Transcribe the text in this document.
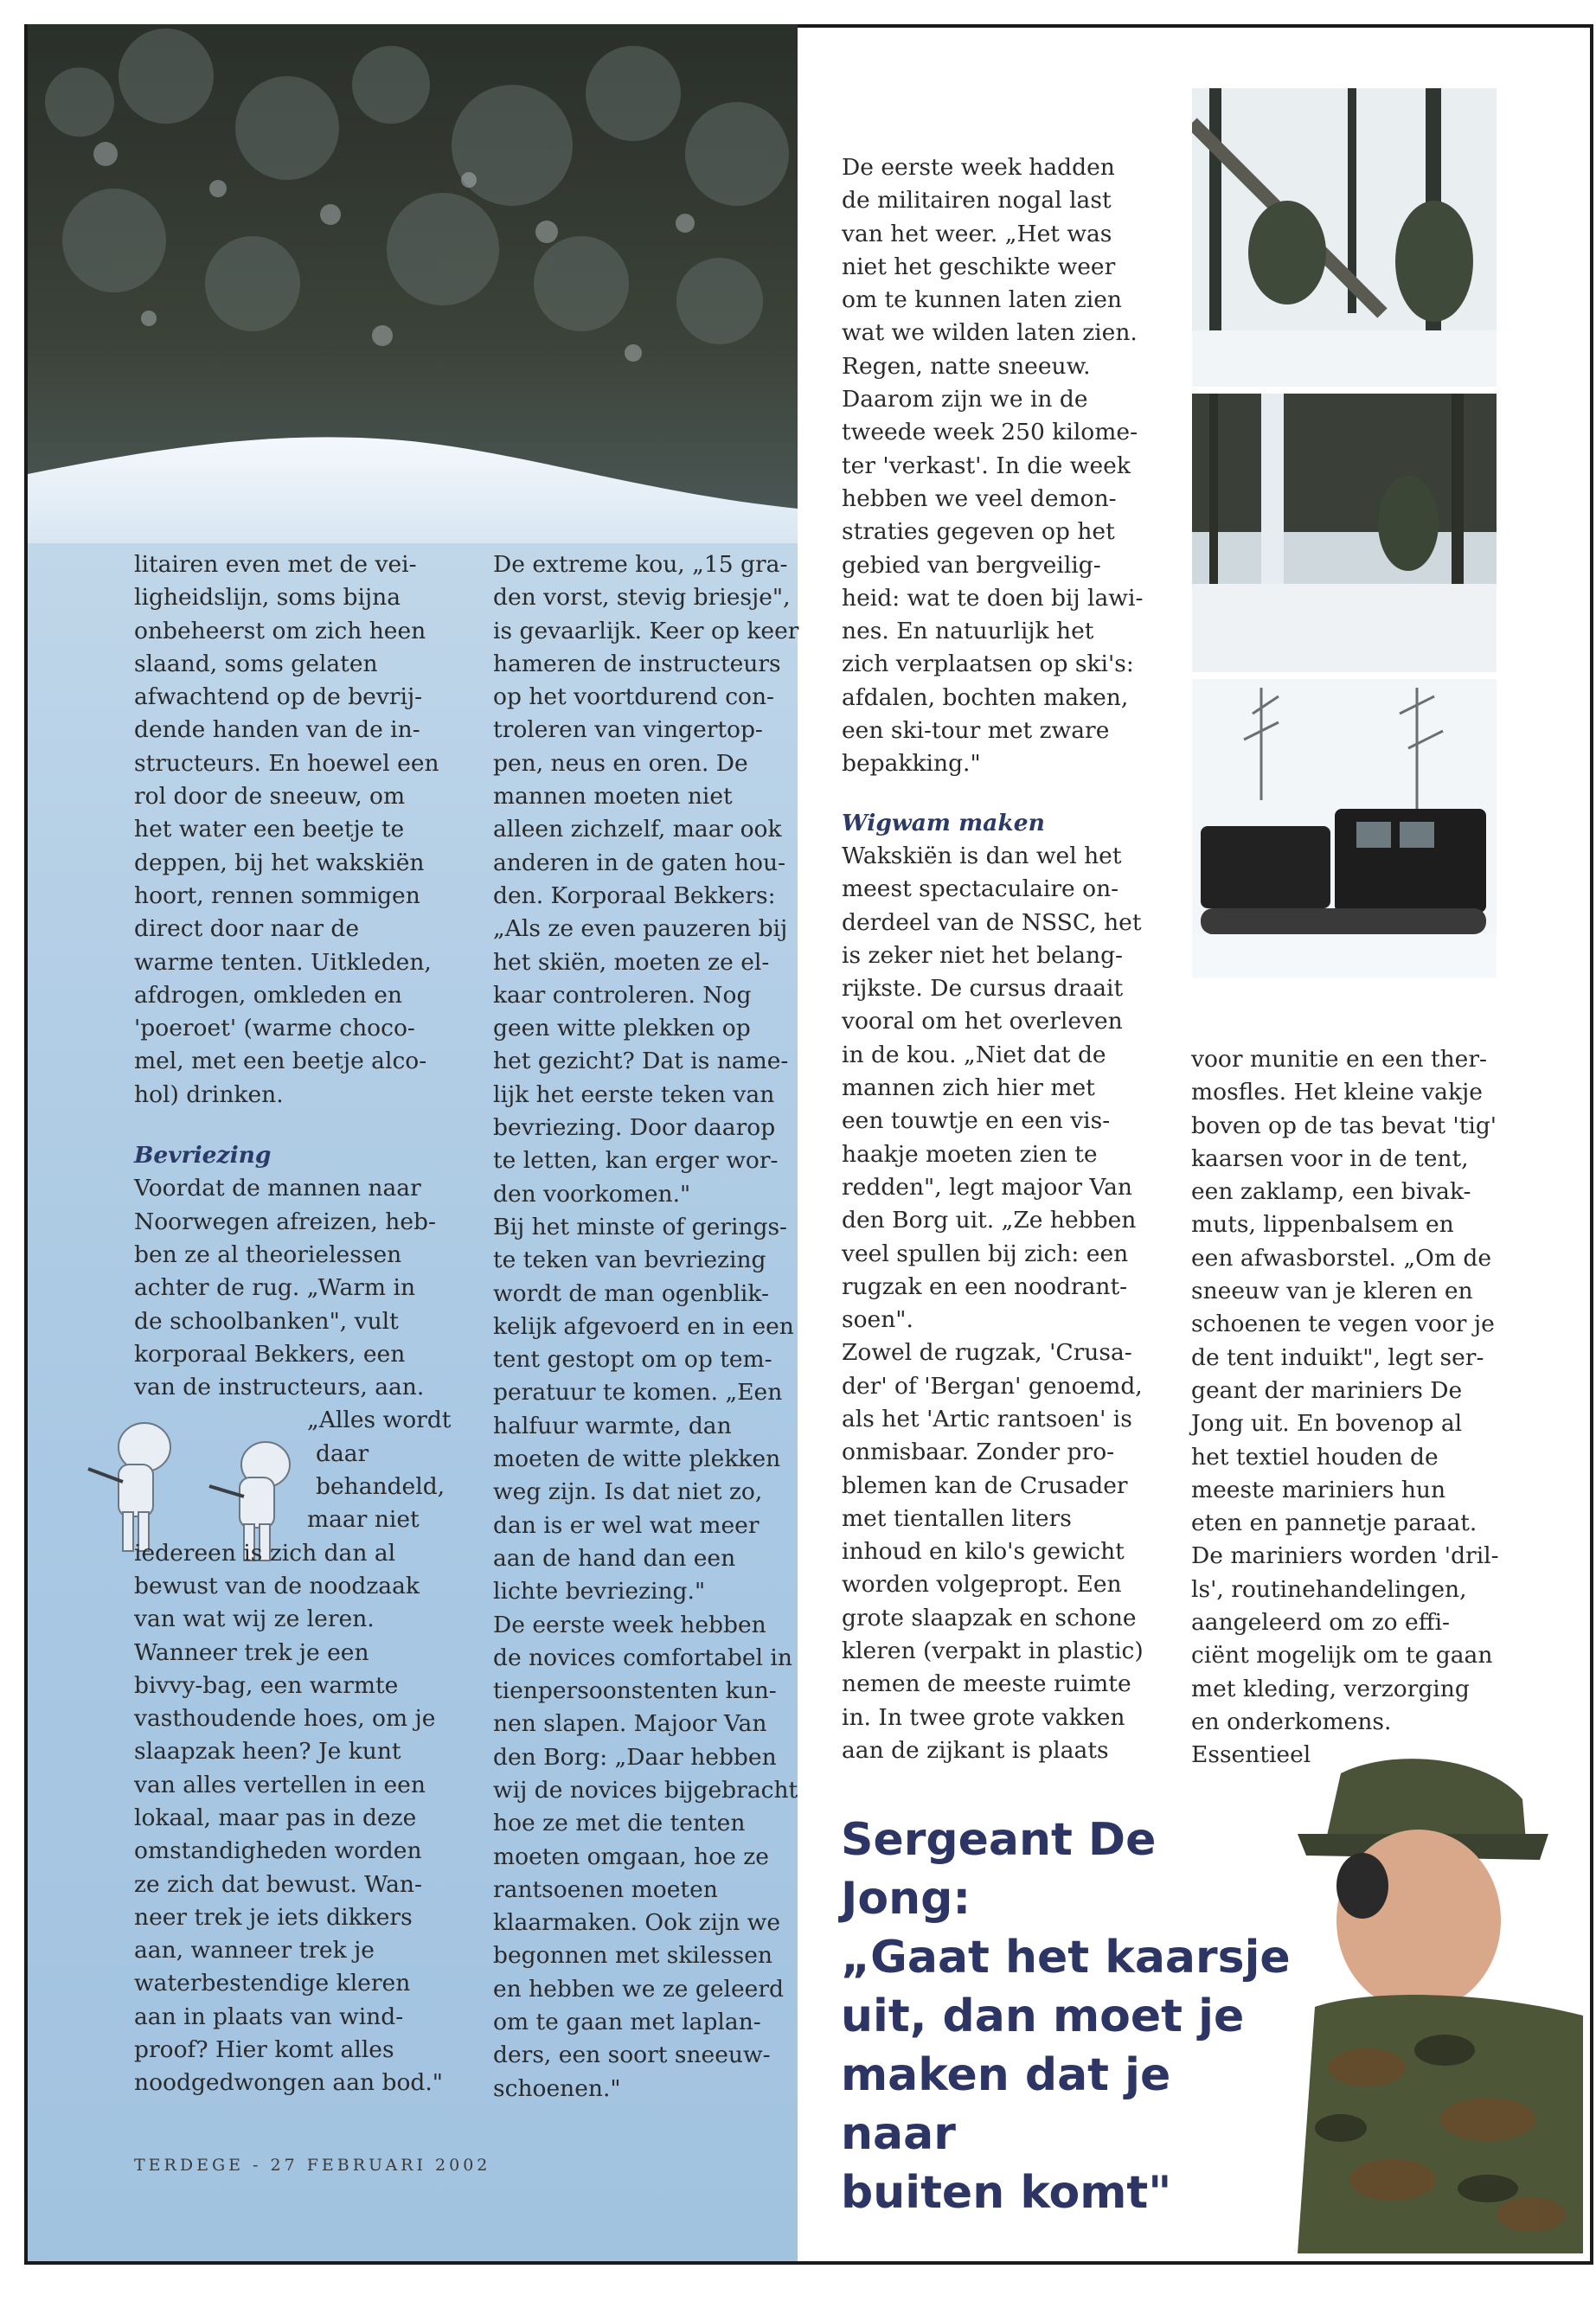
litairen even met de vei-
ligheidslijn, soms bijna
onbeheerst om zich heen
slaand, soms gelaten
afwachtend op de bevrij-
dende handen van de in-
structeurs. En hoewel een
rol door de sneeuw, om
het water een beetje te
deppen, bij het wakskiën
hoort, rennen sommigen
direct door naar de
warme tenten. Uitkleden,
afdrogen, omkleden en
'poeroet' (warme choco-
mel, met een beetje alco-
hol) drinken.
Bevriezing
Voordat de mannen naar
Noorwegen afreizen, heb-
ben ze al theorielessen
achter de rug. „Warm in
de schoolbanken", vult
korporaal Bekkers, een
van de instructeurs, aan.
„Alles wordt
daar
behandeld,
maar niet
iedereen is zich dan al
bewust van de noodzaak
van wat wij ze leren.
Wanneer trek je een
bivvy-bag, een warmte
vasthoudende hoes, om je
slaapzak heen? Je kunt
van alles vertellen in een
lokaal, maar pas in deze
omstandigheden worden
ze zich dat bewust. Wan-
neer trek je iets dikkers
aan, wanneer trek je
waterbestendige kleren
aan in plaats van wind-
proof? Hier komt alles
noodgedwongen aan bod."
De extreme kou, „15 gra-
den vorst, stevig briesje",
is gevaarlijk. Keer op keer
hameren de instructeurs
op het voortdurend con-
troleren van vingertop-
pen, neus en oren. De
mannen moeten niet
alleen zichzelf, maar ook
anderen in de gaten hou-
den. Korporaal Bekkers:
„Als ze even pauzeren bij
het skiën, moeten ze el-
kaar controleren. Nog
geen witte plekken op
het gezicht? Dat is name-
lijk het eerste teken van
bevriezing. Door daarop
te letten, kan erger wor-
den voorkomen."
Bij het minste of gerings-
te teken van bevriezing
wordt de man ogenblik-
kelijk afgevoerd en in een
tent gestopt om op tem-
peratuur te komen. „Een
halfuur warmte, dan
moeten de witte plekken
weg zijn. Is dat niet zo,
dan is er wel wat meer
aan de hand dan een
lichte bevriezing."
De eerste week hebben
de novices comfortabel in
tienpersoonstenten kun-
nen slapen. Majoor Van
den Borg: „Daar hebben
wij de novices bijgebracht
hoe ze met die tenten
moeten omgaan, hoe ze
rantsoenen moeten
klaarmaken. Ook zijn we
begonnen met skilessen
en hebben we ze geleerd
om te gaan met laplan-
ders, een soort sneeuw-
schoenen."
De eerste week hadden
de militairen nogal last
van het weer. „Het was
niet het geschikte weer
om te kunnen laten zien
wat we wilden laten zien.
Regen, natte sneeuw.
Daarom zijn we in de
tweede week 250 kilome-
ter 'verkast'. In die week
hebben we veel demon-
straties gegeven op het
gebied van bergveilig-
heid: wat te doen bij lawi-
nes. En natuurlijk het
zich verplaatsen op ski's:
afdalen, bochten maken,
een ski-tour met zware
bepakking."
Wigwam maken
Wakskiën is dan wel het
meest spectaculaire on-
derdeel van de NSSC, het
is zeker niet het belang-
rijkste. De cursus draait
vooral om het overleven
in de kou. „Niet dat de
mannen zich hier met
een touwtje en een vis-
haakje moeten zien te
redden", legt majoor Van
den Borg uit. „Ze hebben
veel spullen bij zich: een
rugzak en een noodrant-
soen".
Zowel de rugzak, 'Crusa-
der' of 'Bergan' genoemd,
als het 'Artic rantsoen' is
onmisbaar. Zonder pro-
blemen kan de Crusader
met tientallen liters
inhoud en kilo's gewicht
worden volgepropt. Een
grote slaapzak en schone
kleren (verpakt in plastic)
nemen de meeste ruimte
in. In twee grote vakken
aan de zijkant is plaats
voor munitie en een ther-
mosfles. Het kleine vakje
boven op de tas bevat 'tig'
kaarsen voor in de tent,
een zaklamp, een bivak-
muts, lippenbalsem en
een afwasborstel. „Om de
sneeuw van je kleren en
schoenen te vegen voor je
de tent induikt", legt ser-
geant der mariniers De
Jong uit. En bovenop al
het textiel houden de
meeste mariniers hun
eten en pannetje paraat.
De mariniers worden 'dril-
ls', routinehandelingen,
aangeleerd om zo effi-
ciënt mogelijk om te gaan
met kleding, verzorging
en onderkomens.
Essentieel
Sergeant De Jong:
„Gaat het kaarsje
uit, dan moet je
maken dat je naar
buiten komt"
TERDEGE - 27 FEBRUARI 2002
